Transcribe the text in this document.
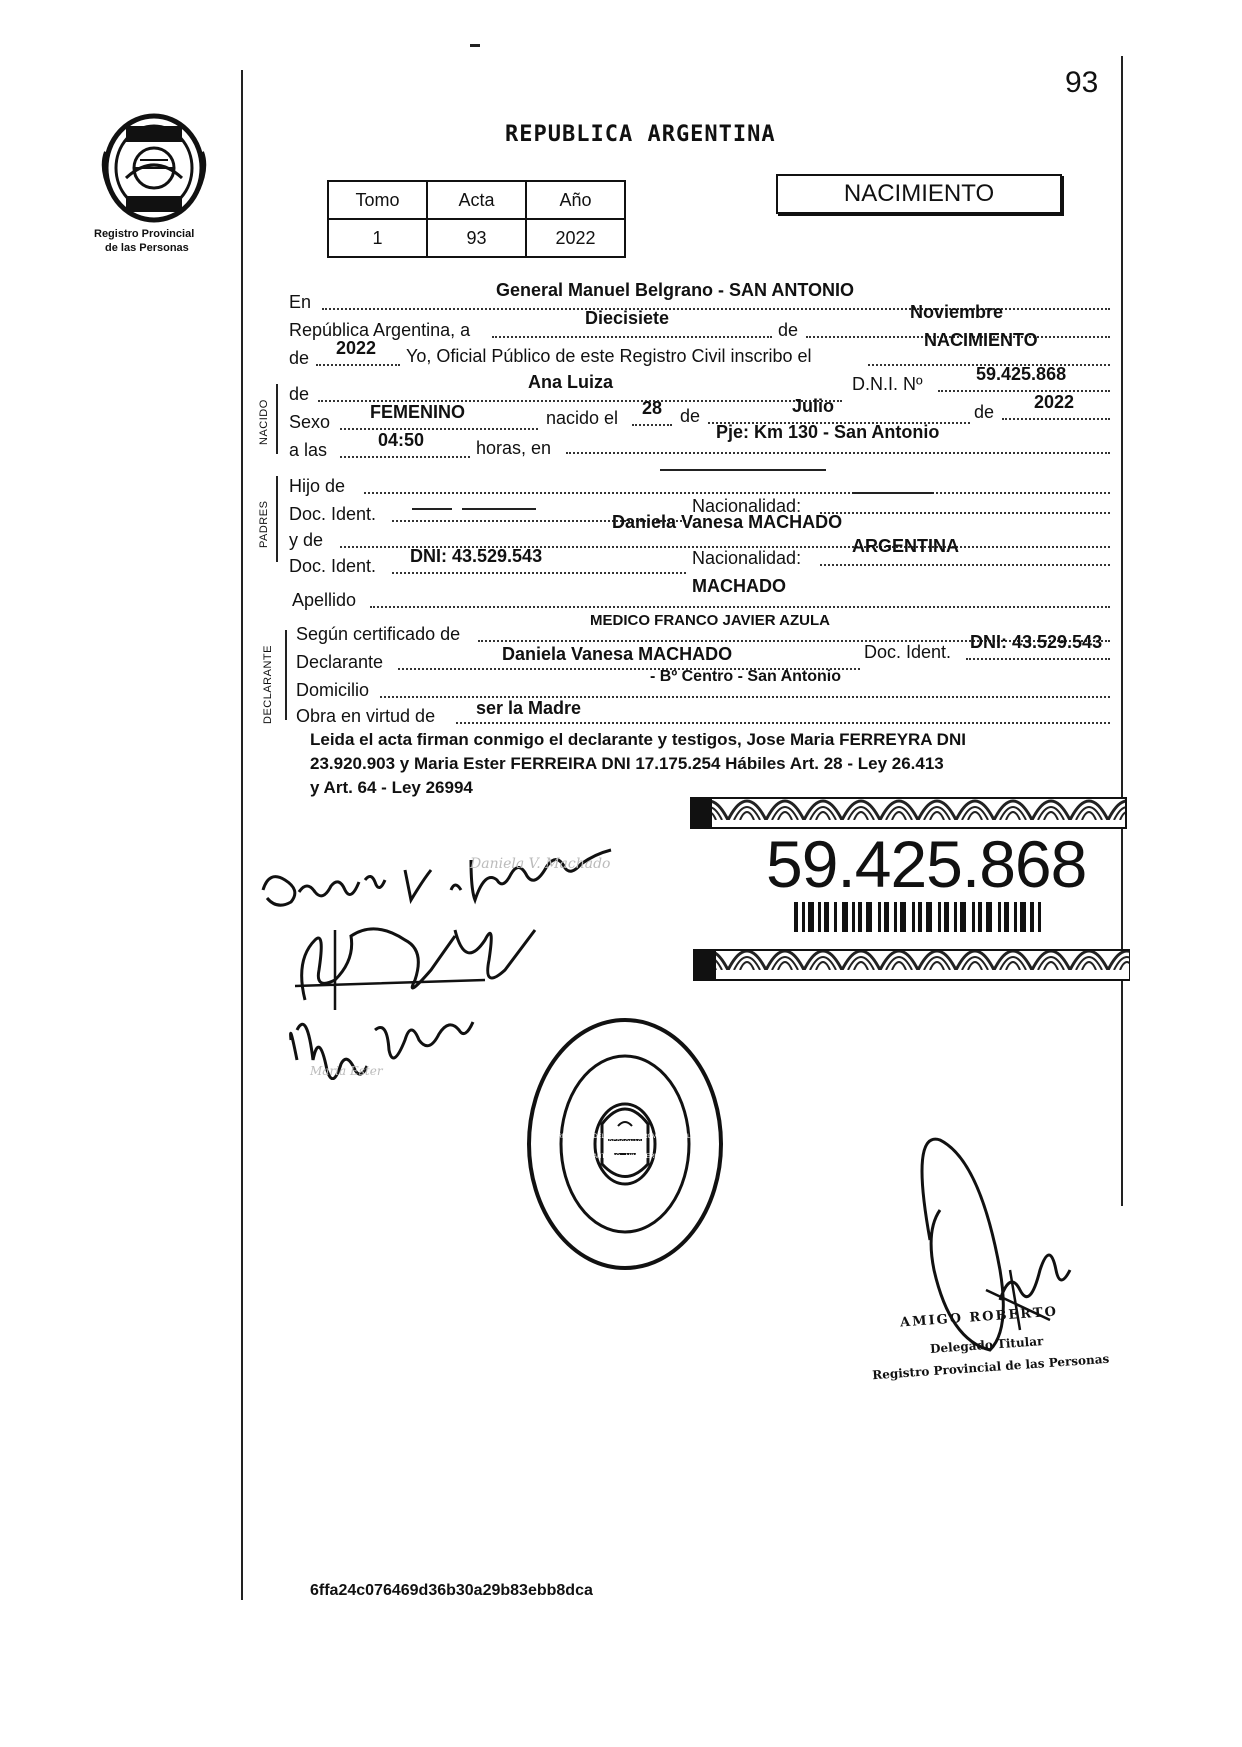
93
Registro Provincial
de las Personas
REPUBLICA ARGENTINA
Tomo	Acta	Año
1	93	2022
NACIMIENTO
En
General Manuel Belgrano - SAN ANTONIO
República Argentina, a
Diecisiete
de
Noviembre
de 2022 Yo, Oficial Público de este Registro Civil inscribo el
NACIMIENTO
NACIDO
de
Ana Luiza	D.N.I. Nº	59.425.868
Sexo FEMENINO	nacido el 28 de	Julio	de 2022
a las	04:50	horas, en
Pje: Km 130 - San Antonio
PADRES
Hijo de
Doc. Ident.	Nacionalidad:
y de
Daniela Vanesa MACHADO
Doc. Ident. DNI: 43.529.543	Nacionalidad:
ARGENTINA
Apellido
MACHADO
DECLARANTE
Según certificado de
MEDICO FRANCO JAVIER AZULA
Declarante	Daniela Vanesa MACHADO	Doc. Ident. DNI: 43.529.543
Domicilio
- Bº Centro - San Antonio
Obra en virtud de ser la Madre
Leida el acta firman conmigo el declarante y testigos, Jose Maria FERREYRA DNI
23.920.903 y Maria Ester FERREIRA DNI 17.175.254 Hábiles Art. 28 - Ley 26.413
y Art. 64 - Ley 26994
59.425.868
Daniela V. Machado
Maria Ester
DIREC. GRAL. DEL REGISTRO PROVINCIAL DE LAS PERSONAS
SAN ANTONIO · MINISTERIO DE GOBIERNO
AMIGO ROBERTO
Delegado Titular
Registro Provincial de las Personas
6ffa24c076469d36b30a29b83ebb8dca
